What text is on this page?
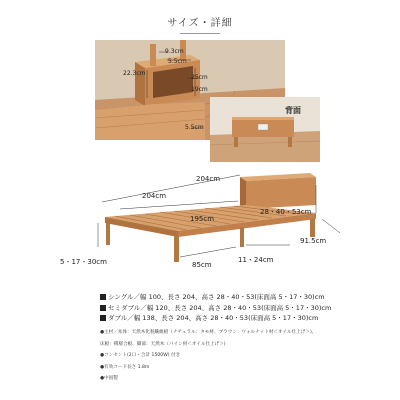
サイズ・詳細
9.3cm
5.5cm
22.3cm
25cm
19cm
5.5cm
背面
204cm
204cm
195cm
28・40・53cm
91.5cm
5・17・30cm	85cm
11・24cm
シングル／幅 100、長さ 204、高さ 28・40・53(床面高 5・17・30)cm
セミダブル／幅 120、長さ 204、高さ 28・40・53(床面高 5・17・30)cm
ダブル／幅 138、長さ 204、高さ 28・40・53(床面高 5・17・30)cm
●主材／本体：天然木化粧繊維板（ナチュラル：タモ材、ブラウン：ウォルナット材＜オイル仕上げ＞)、
床板：積層合板、脚部：天然木（パイン材＜オイル仕上げ＞)
●コンセント(2口・合計 1500W) 付き
●有効コード長さ 1.8m
●中国製
